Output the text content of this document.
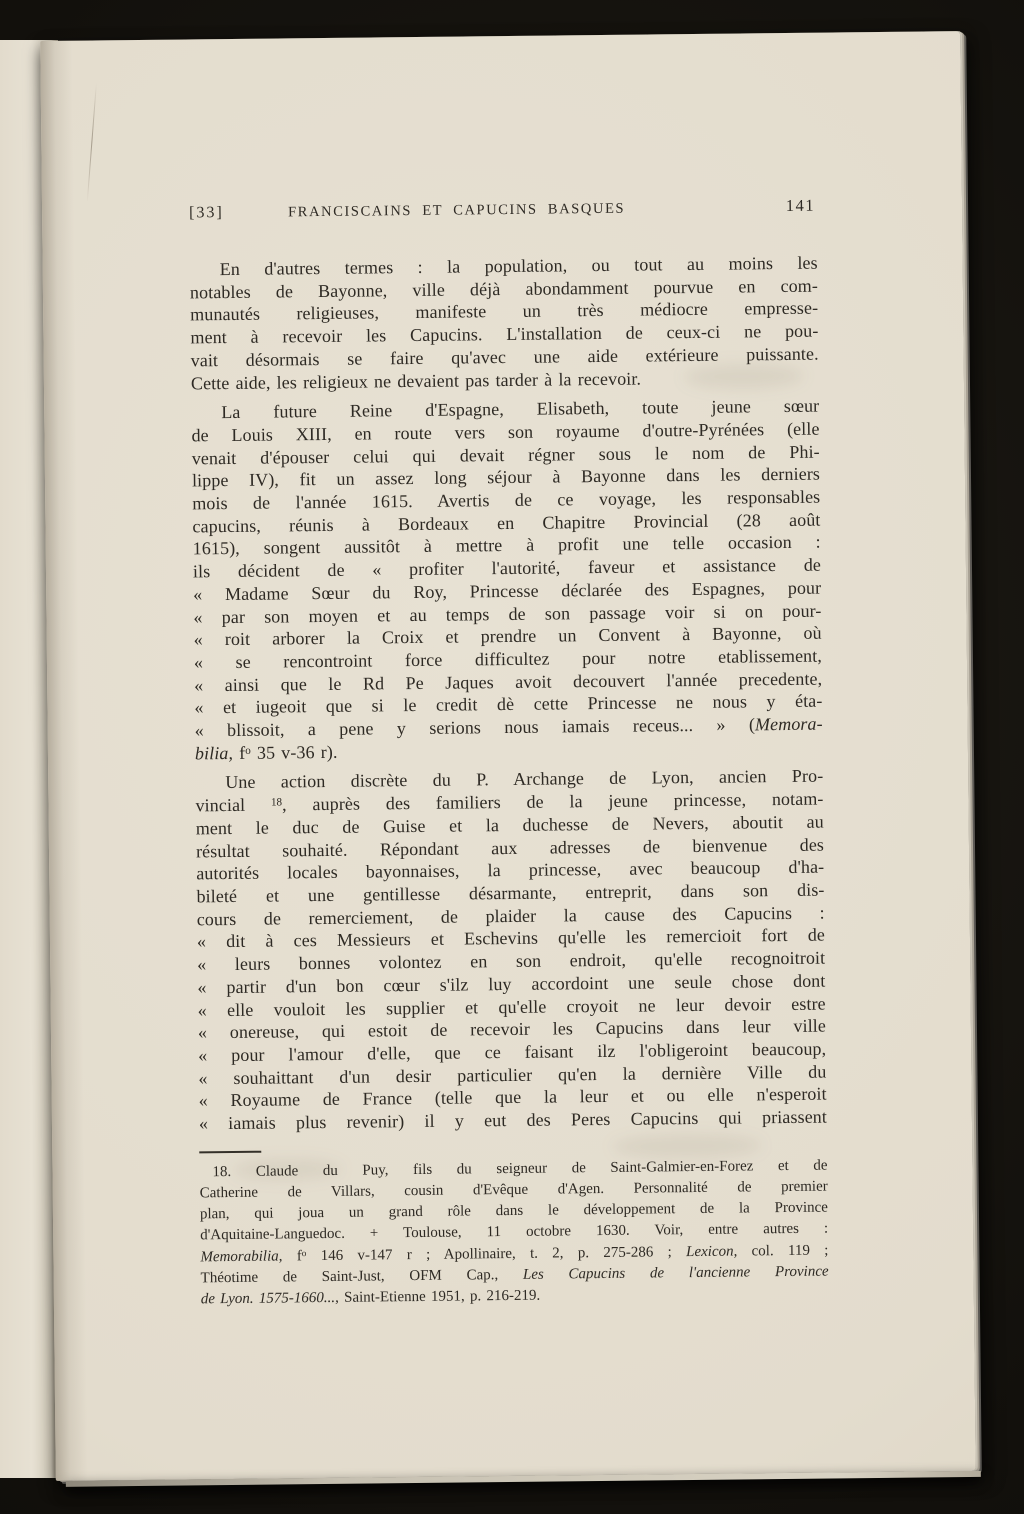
[33]	FRANCISCAINS ET CAPUCINS BASQUES	141
En d'autres termes : la population, ou tout au moins les
notables de Bayonne, ville déjà abondamment pourvue en com-
munautés religieuses, manifeste un très médiocre empresse-
ment à recevoir les Capucins. L'installation de ceux-ci ne pou-
vait désormais se faire qu'avec une aide extérieure puissante.
Cette aide, les religieux ne devaient pas tarder à la recevoir.
La future Reine d'Espagne, Elisabeth, toute jeune sœur
de Louis XIII, en route vers son royaume d'outre-Pyrénées (elle
venait d'épouser celui qui devait régner sous le nom de Phi-
lippe IV), fit un assez long séjour à Bayonne dans les derniers
mois de l'année 1615. Avertis de ce voyage, les responsables
capucins, réunis à Bordeaux en Chapitre Provincial (28 août
1615), songent aussitôt à mettre à profit une telle occasion :
ils décident de « profiter l'autorité, faveur et assistance de
« Madame Sœur du Roy, Princesse déclarée des Espagnes, pour
« par son moyen et au temps de son passage voir si on pour-
« roit arborer la Croix et prendre un Convent à Bayonne, où
« se rencontroint force difficultez pour notre etablissement,
« ainsi que le Rd Pe Jaques avoit decouvert l'année precedente,
« et iugeoit que si le credit dè cette Princesse ne nous y éta-
« blissoit, a pene y serions nous iamais receus... » (Memora-
bilia, $f^o$ 35 v-36 r).
Une action discrète du P. Archange de Lyon, ancien Pro-
vincial $^{18}$, auprès des familiers de la jeune princesse, notam-
ment le duc de Guise et la duchesse de Nevers, aboutit au
résultat souhaité. Répondant aux adresses de bienvenue des
autorités locales bayonnaises, la princesse, avec beaucoup d'ha-
bileté et une gentillesse désarmante, entreprit, dans son dis-
cours de remerciement, de plaider la cause des Capucins :
« dit à ces Messieurs et Eschevins qu'elle les remercioit fort de
« leurs bonnes volontez en son endroit, qu'elle recognoitroit
« partir d'un bon cœur s'ilz luy accordoint une seule chose dont
« elle vouloit les supplier et qu'elle croyoit ne leur devoir estre
« onereuse, qui estoit de recevoir les Capucins dans leur ville
« pour l'amour d'elle, que ce faisant ilz l'obligeroint beaucoup,
« souhaittant d'un desir particulier qu'en la dernière Ville du
« Royaume de France (telle que la leur et ou elle n'esperoit
« iamais plus revenir) il y eut des Peres Capucins qui priassent
18. Claude du Puy, fils du seigneur de Saint-Galmier-en-Forez et de
Catherine de Villars, cousin d'Evêque d'Agen. Personnalité de premier
plan, qui joua un grand rôle dans le développement de la Province
d'Aquitaine-Languedoc. + Toulouse, 11 octobre 1630. Voir, entre autres :
Memorabilia, $f^o$ 146 v-147 r ; Apollinaire, t. 2, p. 275-286 ; Lexicon, col. 119 ;
Théotime de Saint-Just, OFM Cap., Les Capucins de l'ancienne Province
de Lyon. 1575-1660..., Saint-Etienne 1951, p. 216-219.
